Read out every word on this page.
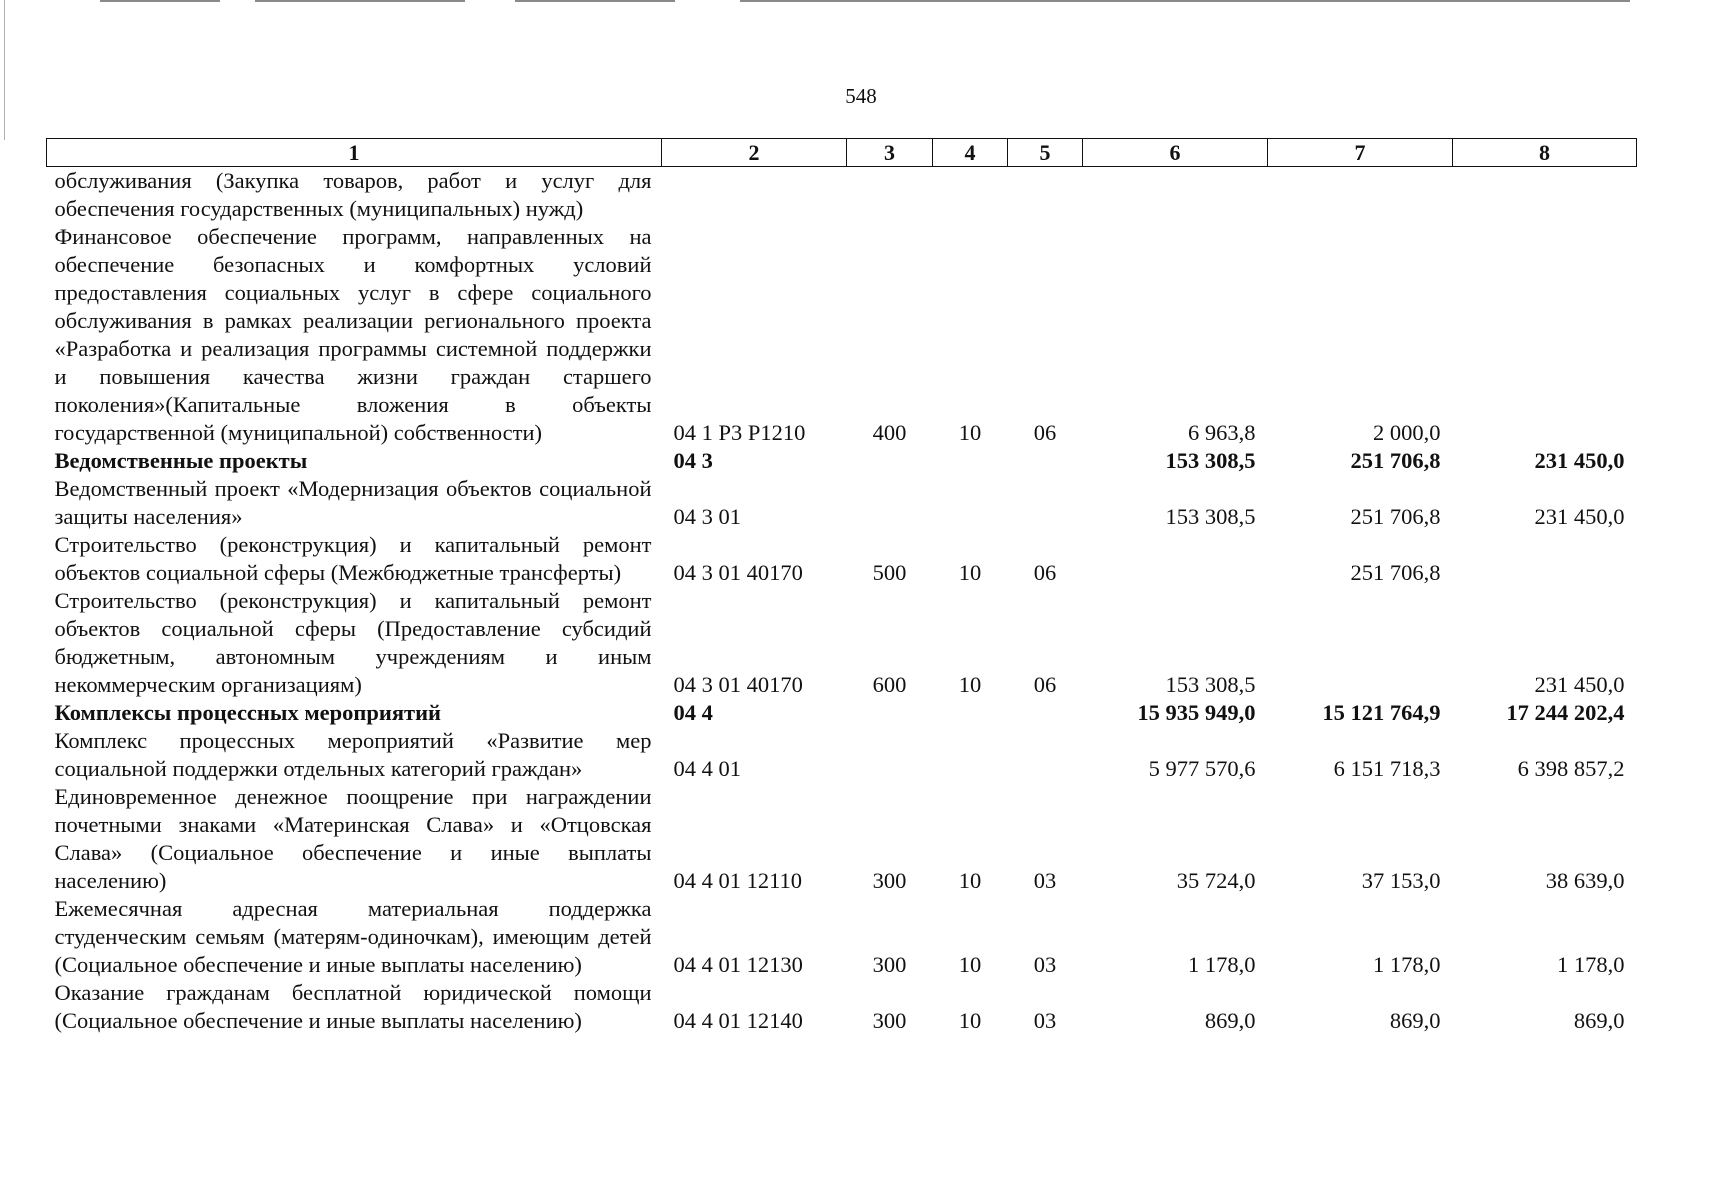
548
1	2	3	4	5	6	7	8
обслуживания (Закупка товаров, работ и услуг для обеспечения государственных (муниципальных) нужд)							
Финансовое обеспечение программ, направленных на обеспечение безопасных и комфортных условий предоставления социальных услуг в сфере социального обслуживания в рамках реализации регионального проекта «Разработка и реализация программы системной поддержки и повышения качества жизни граждан старшего поколения»(Капитальные вложения в объекты государственной (муниципальной) собственности)	04 1 P3 P1210	400	10	06	6 963,8	2 000,0	
Ведомственные проекты	04 3				153 308,5	251 706,8	231 450,0
Ведомственный проект «Модернизация объектов социальной защиты населения»	04 3 01				153 308,5	251 706,8	231 450,0
Строительство (реконструкция) и капитальный ремонт объектов социальной сферы (Межбюджетные трансферты)	04 3 01 40170	500	10	06		251 706,8	
Строительство (реконструкция) и капитальный ремонт объектов социальной сферы (Предоставление субсидий бюджетным, автономным учреждениям и иным некоммерческим организациям)	04 3 01 40170	600	10	06	153 308,5		231 450,0
Комплексы процессных мероприятий	04 4				15 935 949,0	15 121 764,9	17 244 202,4
Комплекс процессных мероприятий «Развитие мер социальной поддержки отдельных категорий граждан»	04 4 01				5 977 570,6	6 151 718,3	6 398 857,2
Единовременное денежное поощрение при награждении почетными знаками «Материнская Слава» и «Отцовская Слава» (Социальное обеспечение и иные выплаты населению)	04 4 01 12110	300	10	03	35 724,0	37 153,0	38 639,0
Ежемесячная адресная материальная поддержка студенческим семьям (матерям-одиночкам), имеющим детей (Социальное обеспечение и иные выплаты населению)	04 4 01 12130	300	10	03	1 178,0	1 178,0	1 178,0
Оказание гражданам бесплатной юридической помощи (Социальное обеспечение и иные выплаты населению)	04 4 01 12140	300	10	03	869,0	869,0	869,0
